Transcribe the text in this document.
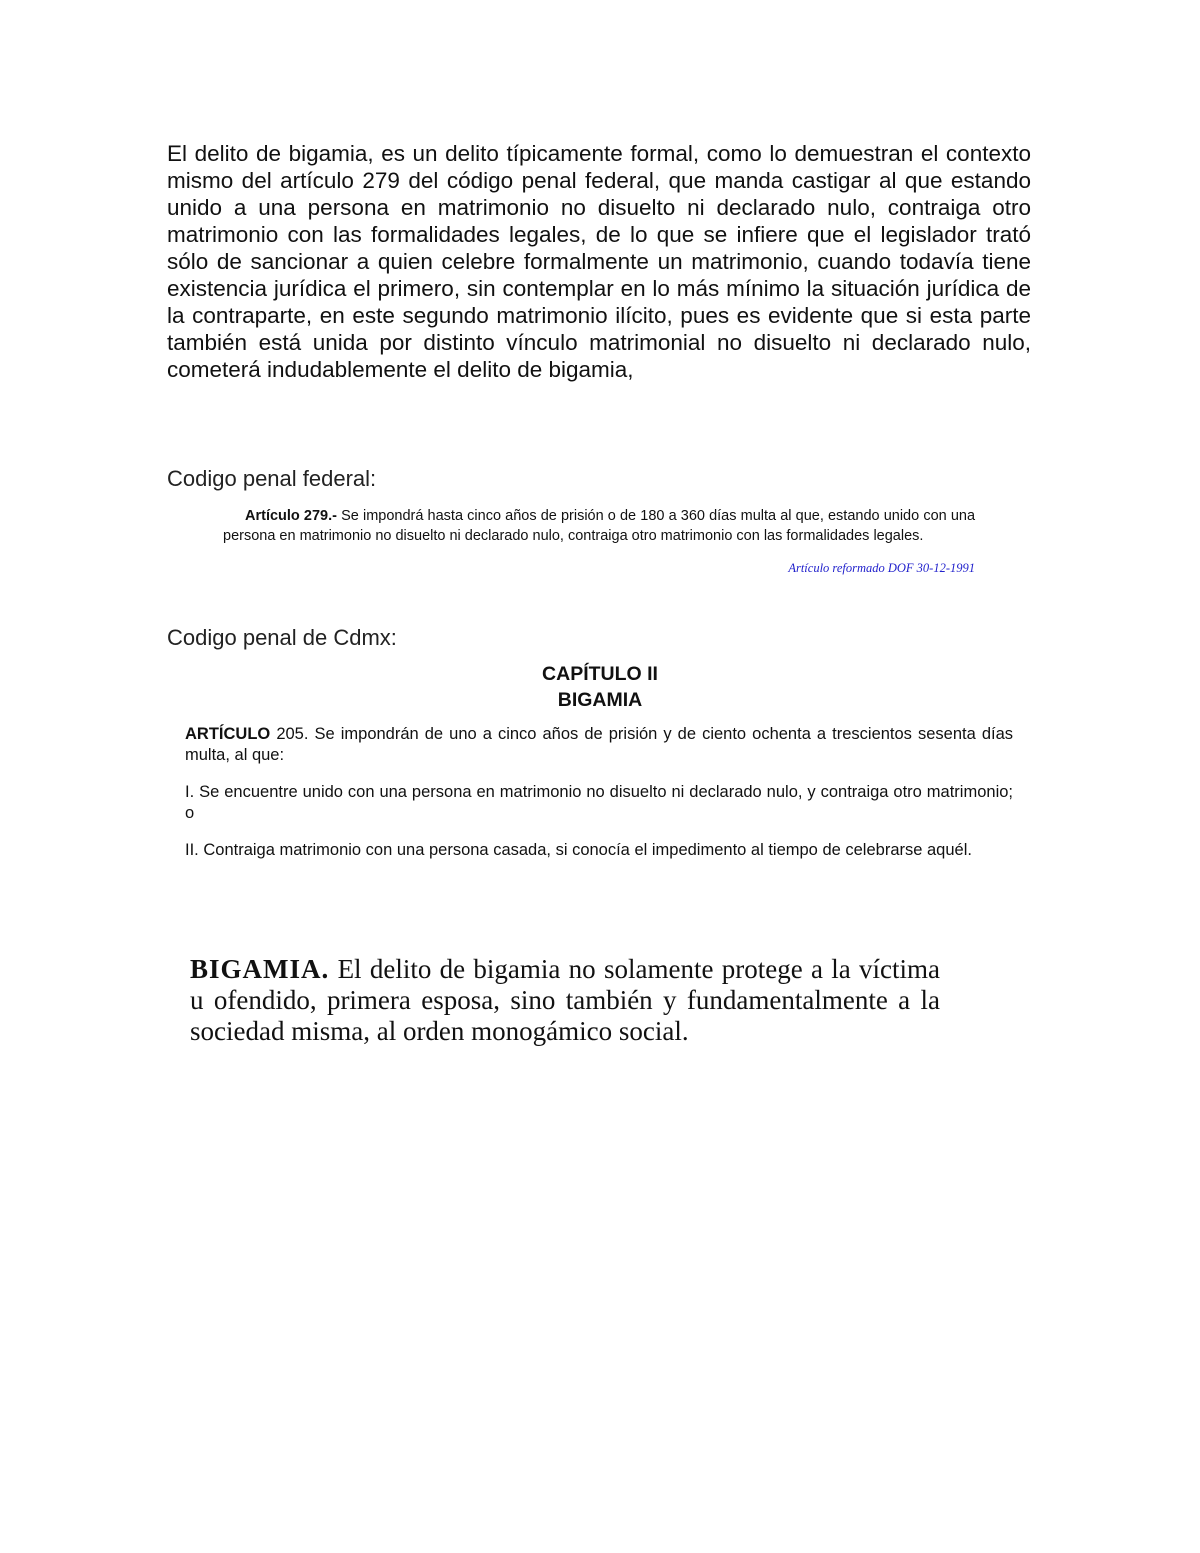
El delito de bigamia, es un delito típicamente formal, como lo demuestran el contexto mismo del artículo 279 del código penal federal, que manda castigar al que estando unido a una persona en matrimonio no disuelto ni declarado nulo, contraiga otro matrimonio con las formalidades legales, de lo que se infiere que el legislador trató sólo de sancionar a quien celebre formalmente un matrimonio, cuando todavía tiene existencia jurídica el primero, sin contemplar en lo más mínimo la situación jurídica de la contraparte, en este segundo matrimonio ilícito, pues es evidente que si esta parte también está unida por distinto vínculo matrimonial no disuelto ni declarado nulo, cometerá indudablemente el delito de bigamia,
Codigo penal federal:
Artículo 279.- Se impondrá hasta cinco años de prisión o de 180 a 360 días multa al que, estando unido con una persona en matrimonio no disuelto ni declarado nulo, contraiga otro matrimonio con las formalidades legales.
Artículo reformado DOF 30-12-1991
Codigo penal de Cdmx:
CAPÍTULO II
BIGAMIA
ARTÍCULO 205. Se impondrán de uno a cinco años de prisión y de ciento ochenta a trescientos sesenta días multa, al que:
I. Se encuentre unido con una persona en matrimonio no disuelto ni declarado nulo, y contraiga otro matrimonio; o
II. Contraiga matrimonio con una persona casada, si conocía el impedimento al tiempo de celebrarse aquél.
BIGAMIA. El delito de bigamia no solamente protege a la víctima u ofendido, primera esposa, sino también y fundamentalmente a la sociedad misma, al orden monogámico social.
